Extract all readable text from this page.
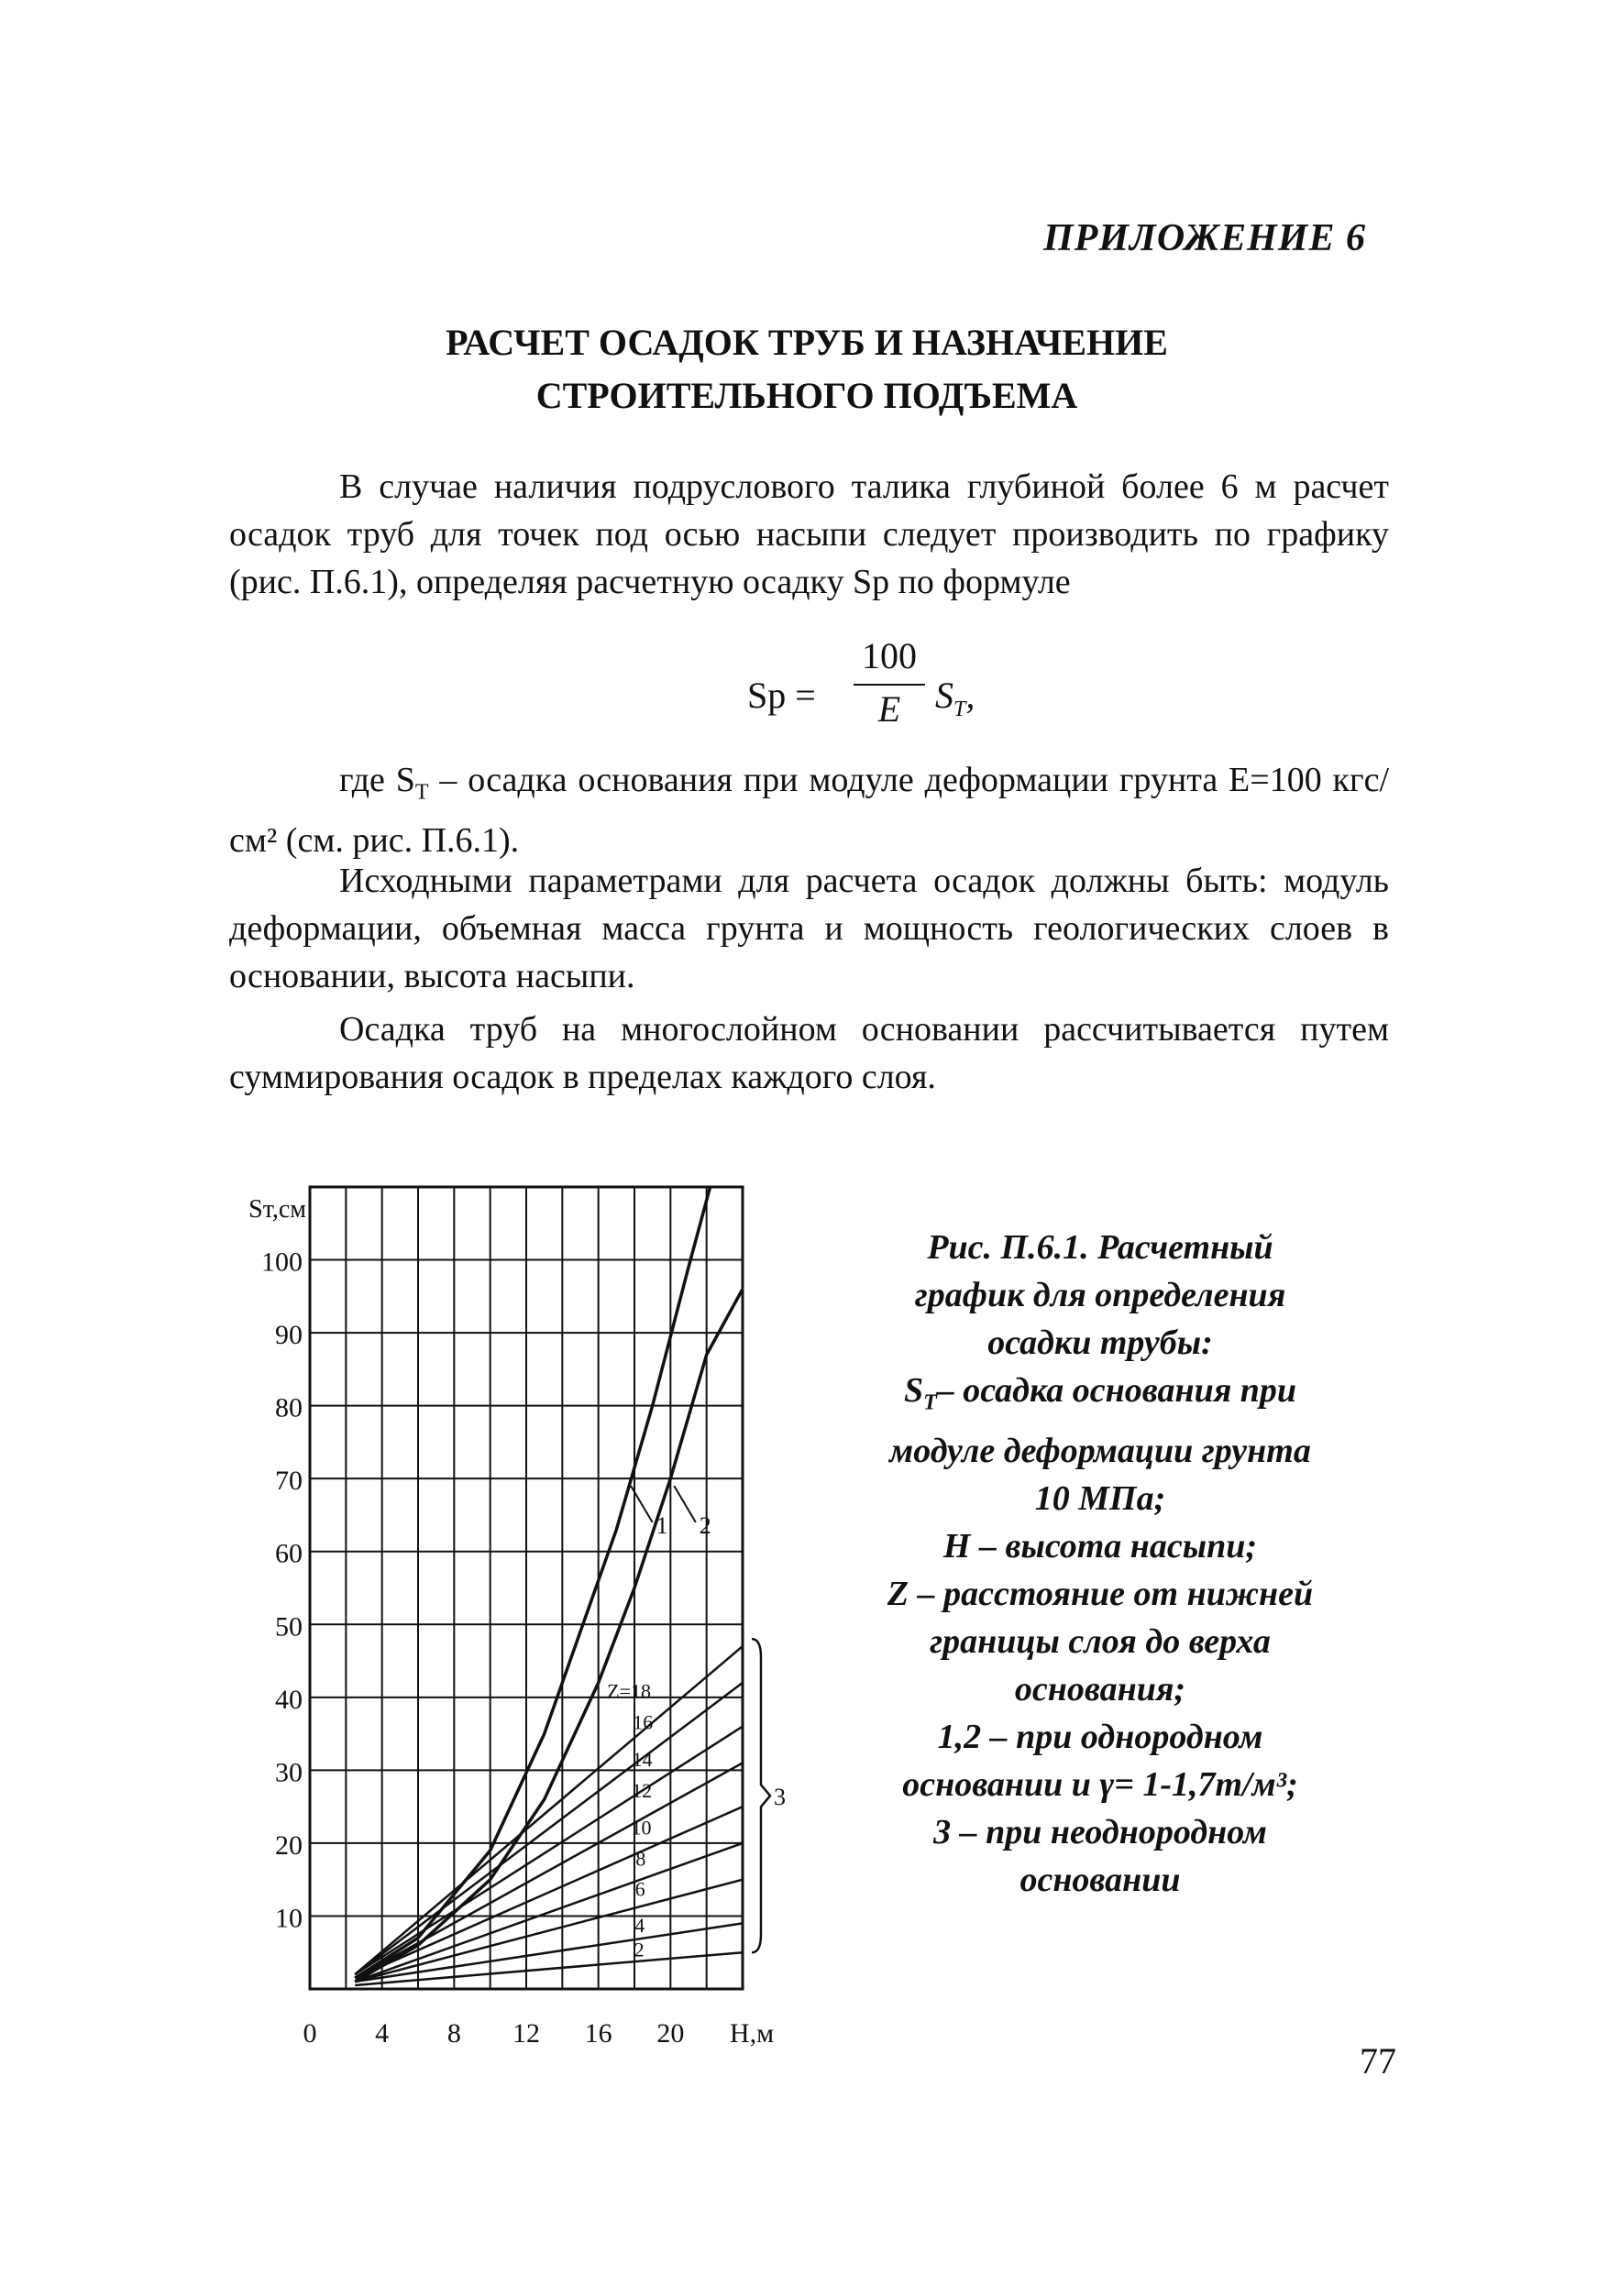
ПРИЛОЖЕНИЕ 6
РАСЧЕТ ОСАДОК ТРУБ И НАЗНАЧЕНИЕ
СТРОИТЕЛЬНОГО ПОДЪЕМА

В случае наличия подруслового талика глубиной более 6 м расчет осадок труб для точек под осью насыпи следует производить по графику (рис. П.6.1), определяя расчетную осадку Sp по формуле

Sp =
100
E $S_T$,

где $S_T$ – осадка основания при модуле деформации грунта E=100 кгс/см² (см. рис. П.6.1).

Исходными параметрами для расчета осадок должны быть: модуль деформации, объемная масса грунта и мощность геологических слоев в основании, высота насыпи.

Осадка труб на многослойном основании рассчитывается путем суммирования осадок в пределах каждого слоя.

10
20
30
40
50
60
70
80
90
100
Sт,см
0 4 8 12 16 20 H,м
Z=18
16
14
12
10
8
6
4
2
1 2
3
Рис. П.6.1. Расчетный
график для определения
осадки трубы:
$S_T-$ осадка основания при
модуле деформации грунта
10 МПа;
H – высота насыпи;
Z – расстояние от нижней
границы слоя до верха
основания;
1,2 – при однородном
основании и γ= 1-1,7т/м³;
3 – при неоднородном
основании
77
